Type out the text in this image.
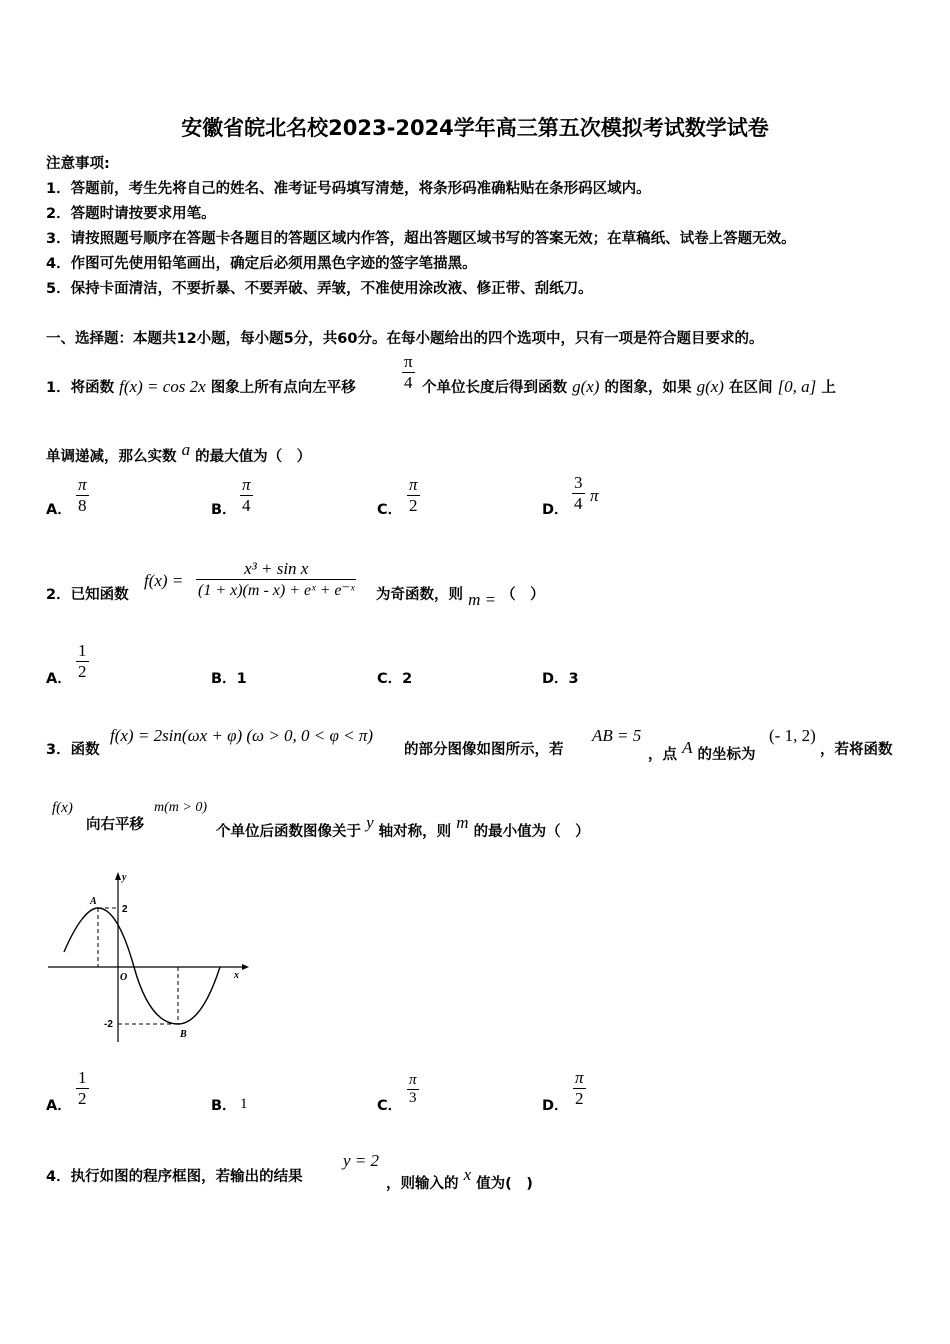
安徽省皖北名校2023-2024学年高三第五次模拟考试数学试卷
注意事项:
1．答题前，考生先将自己的姓名、准考证号码填写清楚，将条形码准确粘贴在条形码区域内。
2．答题时请按要求用笔。
3．请按照题号顺序在答题卡各题目的答题区域内作答，超出答题区域书写的答案无效；在草稿纸、试卷上答题无效。
4．作图可先使用铅笔画出，确定后必须用黑色字迹的签字笔描黑。
5．保持卡面清洁，不要折暴、不要弄破、弄皱，不准使用涂改液、修正带、刮纸刀。
一、选择题：本题共12小题，每小题5分，共60分。在每小题给出的四个选项中，只有一项是符合题目要求的。
1．将函数 f(x) = cos 2x 图象上所有点向左平移	$\frac{\pi}{4}$ 个单位长度后得到函数 g(x) 的图象，如果 g(x) 在区间 [0, a] 上
单调递减，那么实数 a 的最大值为（　）
A． $\frac{\pi}{8}$	B． $\frac{\pi}{4}$	C． $\frac{\pi}{2}$	D． $\frac{3}{4}$ π
2．已知函数
$f(x) = \frac{\text{x³ + sin x}}{\text{(1 + x)(m - x) + eˣ + e⁻ˣ}}$ 为奇函数，则 m = （　）
A． $\frac{1}{2}$	B．1	C．2	D．3
3．函数
f(x) = 2sin(ωx + φ) (ω > 0, 0 < φ < π)
的部分图像如图所示，若
AB = 5
，点 A 的坐标为
(- 1, 2)
，若将函数
f(x)
向右平移
m(m > 0)
个单位后函数图像关于 y 轴对称，则 m 的最小值为（　）
A
B
O	x
y
2
-2
A． $\frac{1}{2}$	B． 1	C． $\frac{\pi}{3}$	D． $\frac{\pi}{2}$
4．执行如图的程序框图，若输出的结果
y = 2
，则输入的 x 值为(　)
